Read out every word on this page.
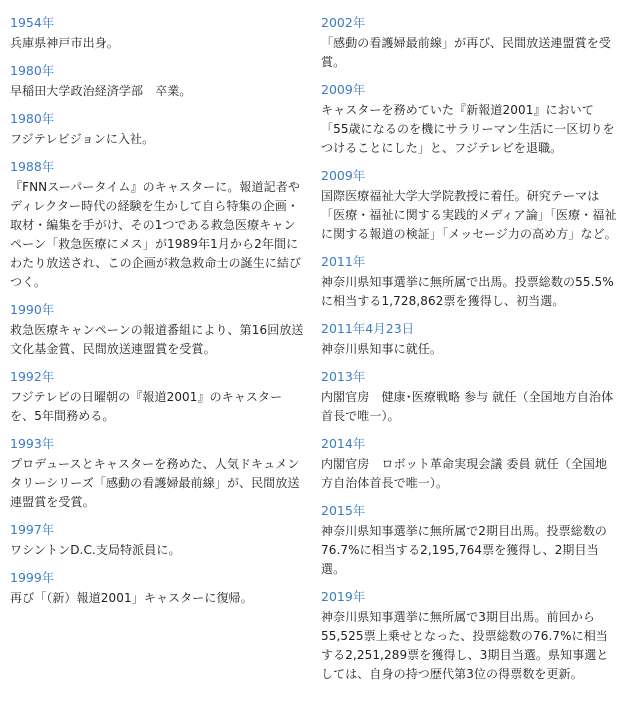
1954年
兵庫県神戸市出身。
1980年
早稲田大学政治経済学部　卒業。
1980年
フジテレビジョンに入社。
1988年
『FNNスーパータイム』のキャスターに。報道記者やディレクター時代の経験を生かして自ら特集の企画・取材・編集を手がけ、その1つである救急医療キャンペーン「救急医療にメス」が1989年1月から2年間にわたり放送され、この企画が救急救命士の誕生に結びつく。
1990年
救急医療キャンペーンの報道番組により、第16回放送文化基金賞、民間放送連盟賞を受賞。
1992年
フジテレビの日曜朝の『報道2001』のキャスターを、5年間務める。
1993年
プロデュースとキャスターを務めた、人気ドキュメンタリーシリーズ「感動の看護婦最前線」が、民間放送連盟賞を受賞。
1997年
ワシントンD.C.支局特派員に。
1999年
再び「（新）報道2001」キャスターに復帰。
2002年
「感動の看護婦最前線」が再び、民間放送連盟賞を受賞。
2009年
キャスターを務めていた『新報道2001』において「55歳になるのを機にサラリーマン生活に一区切りをつけることにした」と、フジテレビを退職。
2009年
国際医療福祉大学大学院教授に着任。研究テーマは「医療・福祉に関する実践的メディア論」「医療・福祉に関する報道の検証」「メッセージ力の高め方」など。
2011年
神奈川県知事選挙に無所属で出馬。投票総数の55.5%に相当する1,728,862票を獲得し、初当選。
2011年4月23日
神奈川県知事に就任。
2013年
内閣官房　健康･医療戦略 参与 就任（全国地方自治体首長で唯一）。
2014年
内閣官房　ロボット革命実現会議 委員 就任（全国地方自治体首長で唯一）。
2015年
神奈川県知事選挙に無所属で2期目出馬。投票総数の76.7%に相当する2,195,764票を獲得し、2期目当選。
2019年
神奈川県知事選挙に無所属で3期目出馬。前回から55,525票上乗せとなった、投票総数の76.7%に相当する2,251,289票を獲得し、3期目当選。県知事選としては、自身の持つ歴代第3位の得票数を更新。
